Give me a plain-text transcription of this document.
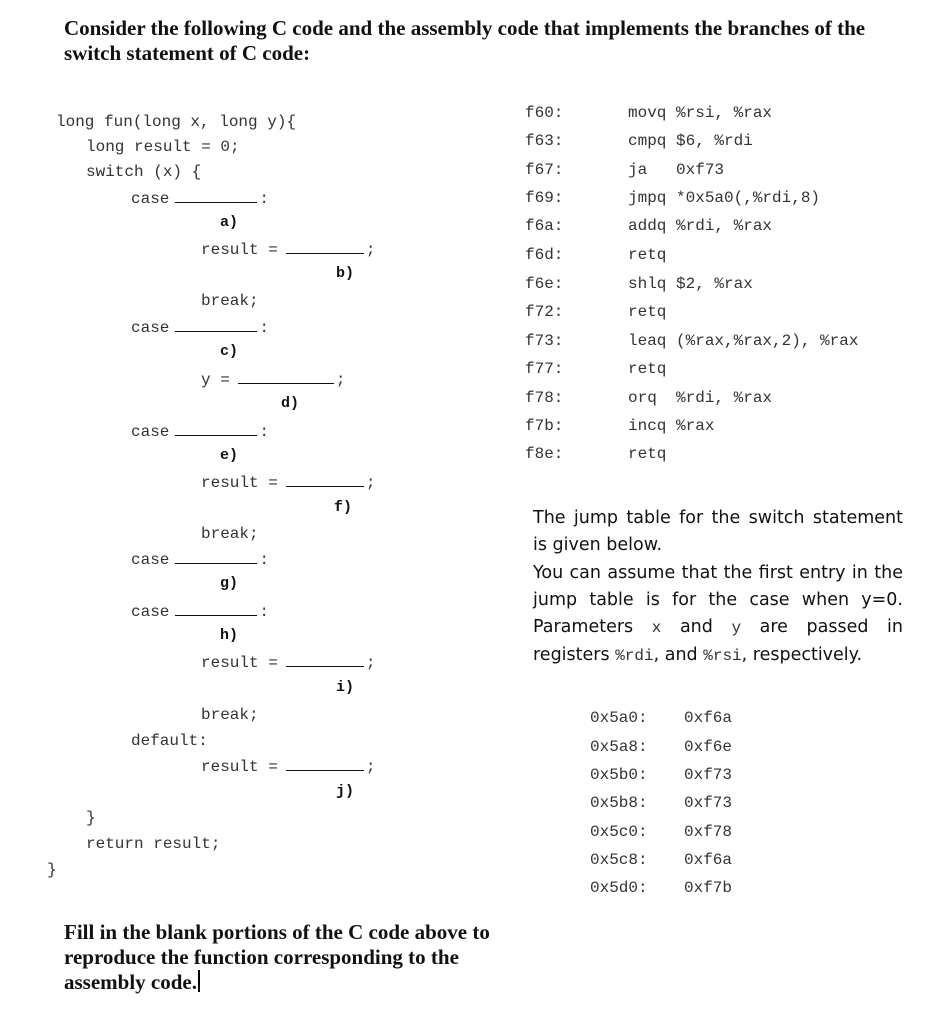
Consider the following C code and the assembly code that implements the branches of the switch statement of C code:
long fun(long x, long y){
long result = 0;
switch (x) {
case	:
a)
result =	;
b)
break;
case	:
c)
y =	;
d)
case	:
e)
result =	;
f)
break;
case	:
g)
case	:
h)
result =	;
i)
break;
default:
result =	;
j)
}
return result;
}
f60:	movq %rsi, %rax
f63:	cmpq $6, %rdi
f67:	ja   0xf73
f69:	jmpq *0x5a0(,%rdi,8)
f6a:	addq %rdi, %rax
f6d:	retq
f6e:	shlq $2, %rax
f72:	retq
f73:	leaq (%rax,%rax,2), %rax
f77:	retq
f78:	orq  %rdi, %rax
f7b:	incq %rax
f8e:	retq
The jump table for the switch statement is given below.
You can assume that the first entry in the jump table is for the case when y=0. Parameters x and y are passed in registers %rdi, and %rsi, respectively.
0x5a0: 0xf6a
0x5a8: 0xf6e
0x5b0: 0xf73
0x5b8: 0xf73
0x5c0: 0xf78
0x5c8: 0xf6a
0x5d0: 0xf7b
Fill in the blank portions of the C code above to reproduce the function corresponding to the assembly code.
